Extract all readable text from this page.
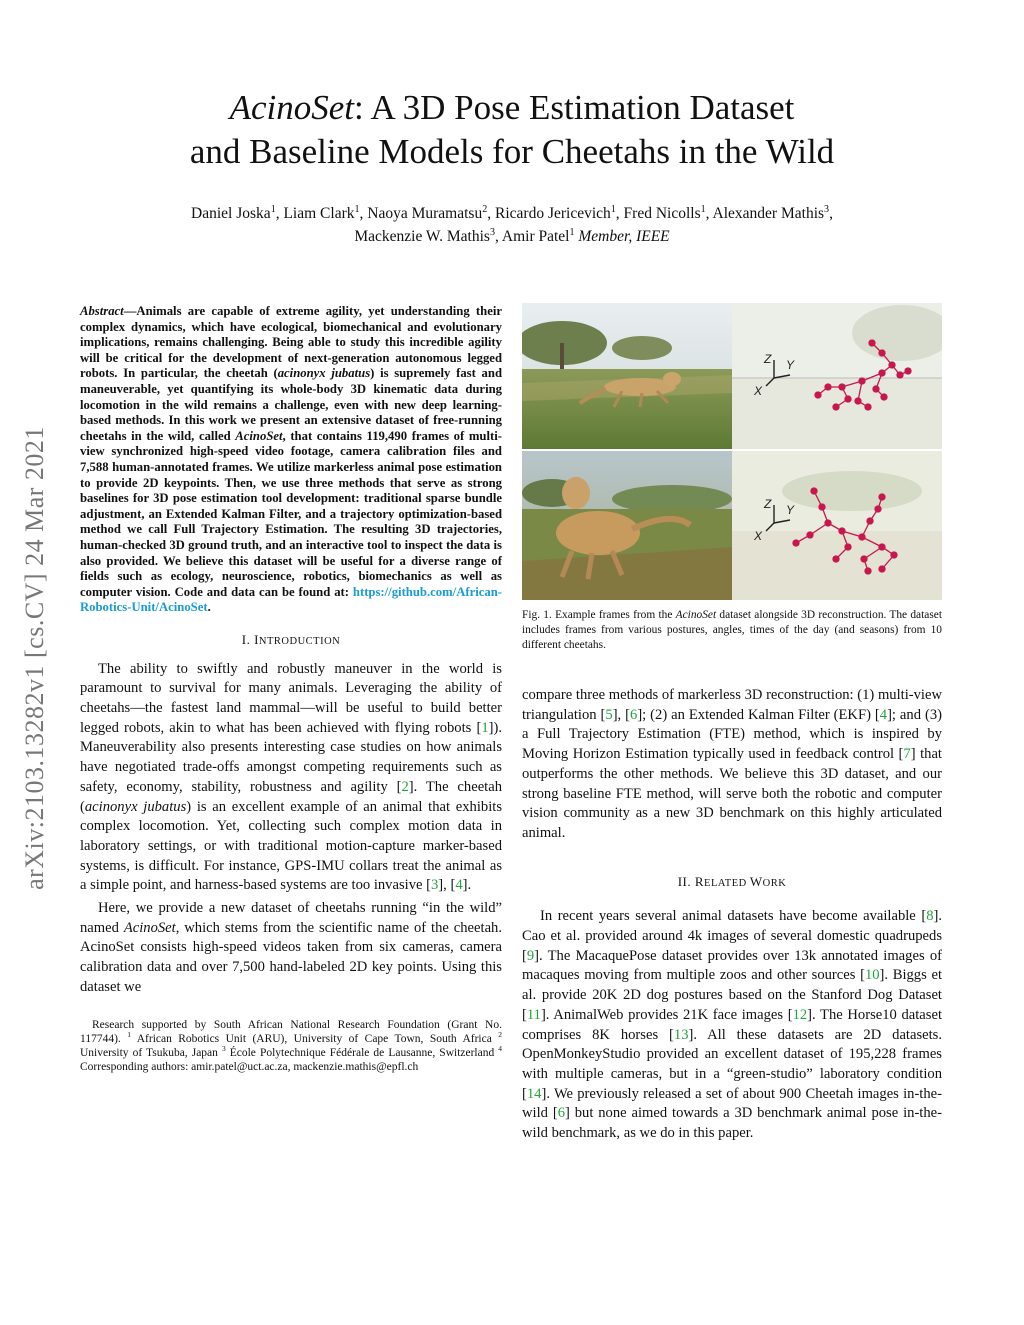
arXiv:2103.13282v1 [cs.CV] 24 Mar 2021
AcinoSet: A 3D Pose Estimation Dataset
and Baseline Models for Cheetahs in the Wild
Daniel Joska$^1$, Liam Clark$^1$, Naoya Muramatsu$^2$, Ricardo Jericevich$^1$, Fred Nicolls$^1$, Alexander Mathis$^3$,
Mackenzie W. Mathis$^3$, Amir Patel$^1$ Member, IEEE
Abstract—Animals are capable of extreme agility, yet understanding their complex dynamics, which have ecological, biomechanical and evolutionary implications, remains challenging. Being able to study this incredible agility will be critical for the development of next-generation autonomous legged robots. In particular, the cheetah (acinonyx jubatus) is supremely fast and maneuverable, yet quantifying its whole-body 3D kinematic data during locomotion in the wild remains a challenge, even with new deep learning-based methods. In this work we present an extensive dataset of free-running cheetahs in the wild, called AcinoSet, that contains 119,490 frames of multi-view synchronized high-speed video footage, camera calibration files and 7,588 human-annotated frames. We utilize markerless animal pose estimation to provide 2D keypoints. Then, we use three methods that serve as strong baselines for 3D pose estimation tool development: traditional sparse bundle adjustment, an Extended Kalman Filter, and a trajectory optimization-based method we call Full Trajectory Estimation. The resulting 3D trajectories, human-checked 3D ground truth, and an interactive tool to inspect the data is also provided. We believe this dataset will be useful for a diverse range of fields such as ecology, neuroscience, robotics, biomechanics as well as computer vision. Code and data can be found at: https://github.com/African-Robotics-Unit/AcinoSet.
I. INTRODUCTION

The ability to swiftly and robustly maneuver in the world is paramount to survival for many animals. Leveraging the ability of cheetahs—the fastest land mammal—will be useful to build better legged robots, akin to what has been achieved with flying robots [1]). Maneuverability also presents interesting case studies on how animals have negotiated trade-offs amongst competing requirements such as safety, economy, stability, robustness and agility [2]. The cheetah (acinonyx jubatus) is an excellent example of an animal that exhibits complex locomotion. Yet, collecting such complex motion data in laboratory settings, or with traditional motion-capture marker-based systems, is difficult. For instance, GPS-IMU collars treat the animal as a simple point, and harness-based systems are too invasive [3], [4].

Here, we provide a new dataset of cheetahs running “in the wild” named AcinoSet, which stems from the scientific name of the cheetah. AcinoSet consists high-speed videos taken from six cameras, camera calibration data and over 7,500 hand-labeled 2D key points. Using this dataset we

Research supported by South African National Research Foundation (Grant No. 117744). $^1$ African Robotics Unit (ARU), University of Cape Town, South Africa $^2$ University of Tsukuba, Japan $^3$ École Polytechnique Fédérale de Lausanne, Switzerland $^4$ Corresponding authors: amir.patel@uct.ac.za, mackenzie.mathis@epfl.ch

Z Y
X
Z Y
X
Fig. 1. Example frames from the AcinoSet dataset alongside 3D reconstruction. The dataset includes frames from various postures, angles, times of the day (and seasons) from 10 different cheetahs.

compare three methods of markerless 3D reconstruction: (1) multi-view triangulation [5], [6]; (2) an Extended Kalman Filter (EKF) [4]; and (3) a Full Trajectory Estimation (FTE) method, which is inspired by Moving Horizon Estimation typically used in feedback control [7] that outperforms the other methods. We believe this 3D dataset, and our strong baseline FTE method, will serve both the robotic and computer vision community as a new 3D benchmark on this highly articulated animal.

II. RELATED WORK

In recent years several animal datasets have become available [8]. Cao et al. provided around 4k images of several domestic quadrupeds [9]. The MacaquePose dataset provides over 13k annotated images of macaques moving from multiple zoos and other sources [10]. Biggs et al. provide 20K 2D dog postures based on the Stanford Dog Dataset [11]. AnimalWeb provides 21K face images [12]. The Horse10 dataset comprises 8K horses [13]. All these datasets are 2D datasets. OpenMonkeyStudio provided an excellent dataset of 195,228 frames with multiple cameras, but in a “green-studio” laboratory condition [14]. We previously released a set of about 900 Cheetah images in-the-wild [6] but none aimed towards a 3D benchmark animal pose in-the-wild benchmark, as we do in this paper.
